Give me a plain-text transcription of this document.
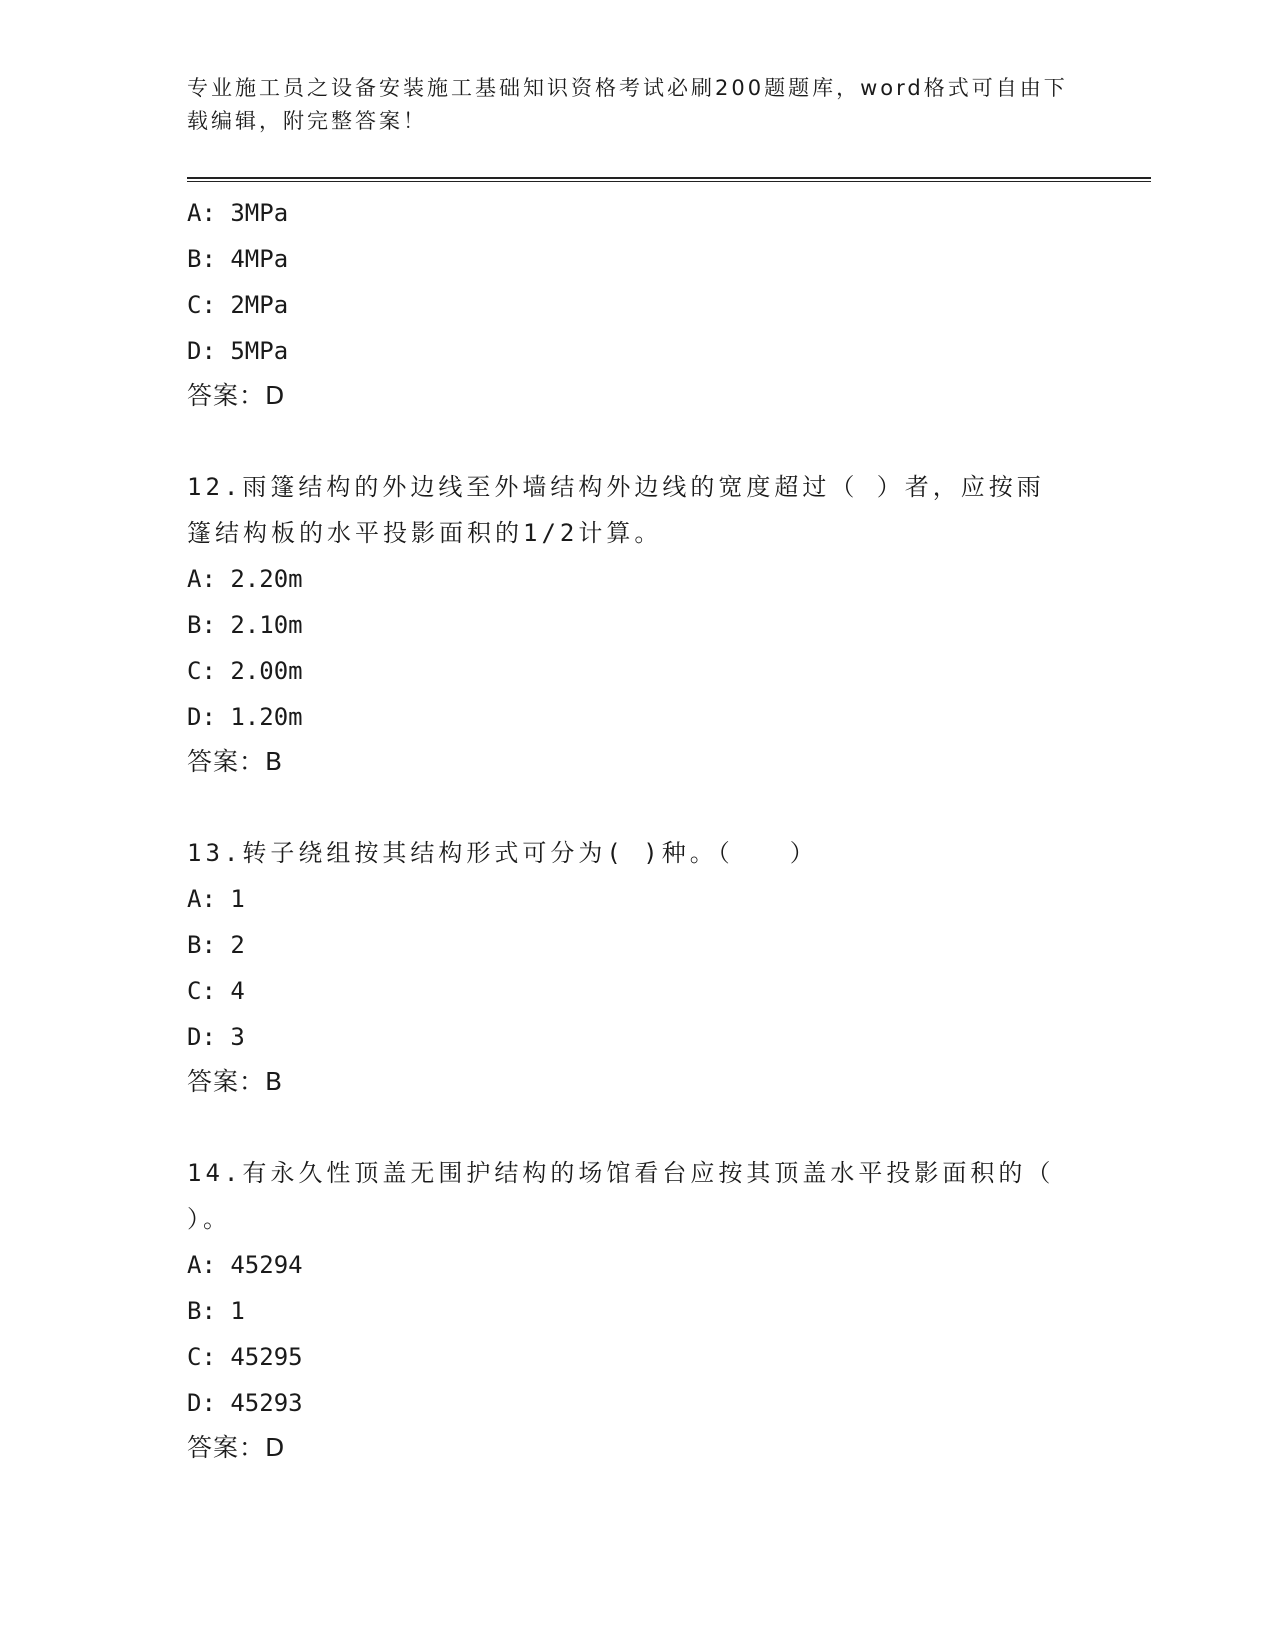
专业施工员之设备安装施工基础知识资格考试必刷200题题库，word格式可自由下载编辑，附完整答案！
A: 3MPa
B: 4MPa
C: 2MPa
D: 5MPa
答案：D
12.雨篷结构的外边线至外墙结构外边线的宽度超过（ ）者，应按雨篷结构板的水平投影面积的1/2计算。
A: 2.20m
B: 2.10m
C: 2.00m
D: 1.20m
答案：B
13.转子绕组按其结构形式可分为( )种。（　　）
A: 1
B: 2
C: 4
D: 3
答案：B
14.有永久性顶盖无围护结构的场馆看台应按其顶盖水平投影面积的（ ）。
A: 45294
B: 1
C: 45295
D: 45293
答案：D
